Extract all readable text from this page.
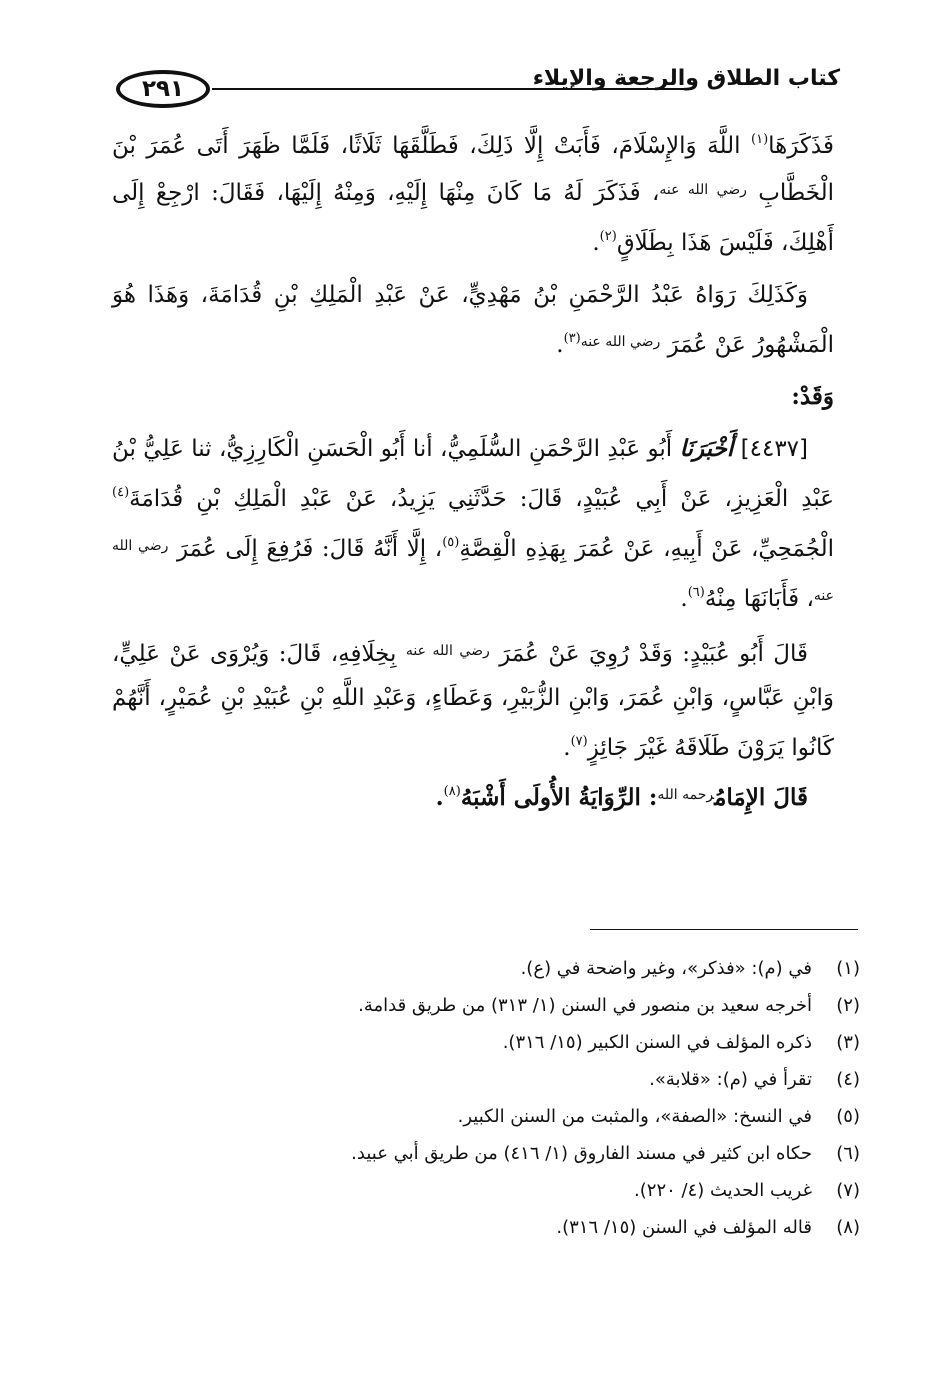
٢٩١	كتاب الطلاق والرجعة والإيلاء

فَذَكَرَهَا$^{(١)}$ اللَّهَ وَالإِسْلَامَ، فَأَبَتْ إِلَّا ذَلِكَ، فَطَلَّقَهَا ثَلَاثًا، فَلَمَّا ظَهَرَ أَتَى عُمَرَ بْنَ الْخَطَّابِ $^{رضي الله عنه}$، فَذَكَرَ لَهُ مَا كَانَ مِنْهَا إِلَيْهِ، وَمِنْهُ إِلَيْهَا، فَقَالَ: ارْجِعْ إِلَى أَهْلِكَ، فَلَيْسَ هَذَا بِطَلَاقٍ$^{(٢)}$.

وَكَذَلِكَ رَوَاهُ عَبْدُ الرَّحْمَنِ بْنُ مَهْدِيٍّ، عَنْ عَبْدِ الْمَلِكِ بْنِ قُدَامَةَ، وَهَذَا هُوَ الْمَشْهُورُ عَنْ عُمَرَ $^{رضي الله عنه(٣)}$.

وَقَدْ:

[٤٤٣٧] أَخْبَرَنَا أَبُو عَبْدِ الرَّحْمَنِ السُّلَمِيُّ، أنا أَبُو الْحَسَنِ الْكَارِزِيُّ، ثنا عَلِيُّ بْنُ عَبْدِ الْعَزِيزِ، عَنْ أَبِي عُبَيْدٍ، قَالَ: حَدَّثَنِي يَزِيدُ، عَنْ عَبْدِ الْمَلِكِ بْنِ قُدَامَةَ$^{(٤)}$ الْجُمَحِيِّ، عَنْ أَبِيهِ، عَنْ عُمَرَ بِهَذِهِ الْقِصَّةِ$^{(٥)}$، إِلَّا أَنَّهُ قَالَ: فَرُفِعَ إِلَى عُمَرَ $^{رضي الله عنه}$، فَأَبَانَهَا مِنْهُ$^{(٦)}$.

قَالَ أَبُو عُبَيْدٍ: وَقَدْ رُوِيَ عَنْ عُمَرَ $^{رضي الله عنه}$ بِخِلَافِهِ، قَالَ: وَيُرْوَى عَنْ عَلِيٍّ، وَابْنِ عَبَّاسٍ، وَابْنِ عُمَرَ، وَابْنِ الزُّبَيْرِ، وَعَطَاءٍ، وَعَبْدِ اللَّهِ بْنِ عُبَيْدِ بْنِ عُمَيْرٍ، أَنَّهُمْ كَانُوا يَرَوْنَ طَلَاقَهُ غَيْرَ جَائِزٍ$^{(٧)}$.

قَالَ الإِمَامُ$^{رحمه الله}$: الرِّوَايَةُ الأُولَى أَشْبَهُ$^{(٨)}$.

(١)في (م): «فذكر»، وغير واضحة في (ع).
(٢)أخرجه سعيد بن منصور في السنن (١/ ٣١٣) من طريق قدامة.
(٣)ذكره المؤلف في السنن الكبير (١٥/ ٣١٦).
(٤)تقرأ في (م): «قلابة».
(٥)في النسخ: «الصفة»، والمثبت من السنن الكبير.
(٦)حكاه ابن كثير في مسند الفاروق (١/ ٤١٦) من طريق أبي عبيد.
(٧)غريب الحديث (٤/ ٢٢٠).
(٨)قاله المؤلف في السنن (١٥/ ٣١٦).
